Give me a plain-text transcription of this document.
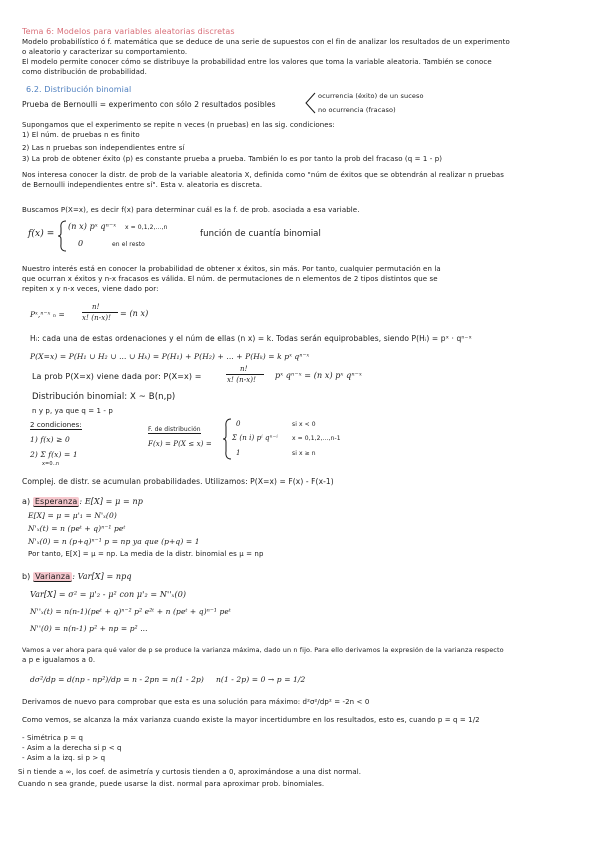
Tema 6: Modelos para variables aleatorias discretas
Modelo probabilístico ó f. matemática que se deduce de una serie de supuestos con el fin de analizar los resultados de un experimento
o aleatorio y caracterizar su comportamiento.
El modelo permite conocer cómo se distribuye la probabilidad entre los valores que toma la variable aleatoria. También se conoce
como distribución de probabilidad.
6.2. Distribución binomial
Prueba de Bernoulli = experimento con sólo 2 resultados posibles
ocurrencia (éxito) de un suceso
no ocurrencia (fracaso)
Supongamos que el experimento se repite n veces (n pruebas) en las sig. condiciones:
1) El núm. de pruebas n es finito
2) Las n pruebas son independientes entre sí
3) La prob de obtener éxito (p) es constante prueba a prueba. También lo es por tanto la prob del fracaso (q = 1 - p)
Nos interesa conocer la distr. de prob de la variable aleatoria X, definida como "núm de éxitos que se obtendrán al realizar n pruebas
de Bernoulli independientes entre sí". Esta v. aleatoria es discreta.
Buscamos P(X=x), es decir f(x) para determinar cuál es la f. de prob. asociada a esa variable.
f(x) =
(n x) pˣ qⁿ⁻ˣ x = 0,1,2,...,n
0	en el resto
función de cuantía binomial
Nuestro interés está en conocer la probabilidad de obtener x éxitos, sin más. Por tanto, cualquier permutación en la
que ocurran x éxitos y n-x fracasos es válida. El núm. de permutaciones de n elementos de 2 tipos distintos que se
repiten x y n-x veces, viene dado por:
Pˣ,ⁿ⁻ˣ ₙ =
n!
x! (n-x)! = (n x)
Hᵢ: cada una de estas ordenaciones y el núm de ellas (n x) = k. Todas serán equiprobables, siendo P(Hᵢ) = pˣ · qⁿ⁻ˣ
P(X=x) = P(H₁ ∪ H₂ ∪ ... ∪ Hₖ) = P(H₁) + P(H₂) + ... + P(Hₖ) = k pˣ qⁿ⁻ˣ
La prob P(X=x) viene dada por: P(X=x) =
n!
x! (n-x)! pˣ qⁿ⁻ˣ = (n x) pˣ qⁿ⁻ˣ
Distribución binomial: X ~ B(n,p)
n y p, ya que q = 1 - p
2 condiciones:
1) f(x) ≥ 0
2) Σ f(x) = 1
x=0..n
F. de distribución
F(x) = P(X ≤ x) =
0	si x < 0
Σ (n i) pⁱ qⁿ⁻ⁱ x = 0,1,2,...,n-1
1	si x ≥ n
Complej. de distr. se acumulan probabilidades. Utilizamos: P(X=x) = F(x) - F(x-1)
a) Esperanza : E[X] = μ = np
E[X] = μ = μ'₁ = N'ₓ(0)
N'ₓ(t) = n (peᵗ + q)ⁿ⁻¹ peᵗ
N'ₓ(0) = n (p+q)ⁿ⁻¹ p = np ya que (p+q) = 1
Por tanto, E[X] = μ = np. La media de la distr. binomial es μ = np
b) Varianza : Var[X] = npq
Var[X] = σ² = μ'₂ - μ² con μ'₂ = N''ₓ(0)
N''ₓ(t) = n(n-1)(peᵗ + q)ⁿ⁻² p² e²ᵗ + n (peᵗ + q)ⁿ⁻¹ peᵗ
N''(0) = n(n-1) p² + np = p² ...
Vamos a ver ahora para qué valor de p se produce la varianza máxima, dado un n fijo. Para ello derivamos la expresión de la varianza respecto
a p e igualamos a 0.
dσ²/dp = d(np - np²)/dp = n - 2pn = n(1 - 2p) n(1 - 2p) = 0 → p = 1/2
Derivamos de nuevo para comprobar que esta es una solución para máximo: d²σ²/dp² = -2n < 0
Como vemos, se alcanza la máx varianza cuando existe la mayor incertidumbre en los resultados, esto es, cuando p = q = 1/2
- Simétrica p = q
- Asim a la derecha si p < q
- Asim a la izq. si p > q
Si n tiende a ∞, los coef. de asimetría y curtosis tienden a 0, aproximándose a una dist normal.
Cuando n sea grande, puede usarse la dist. normal para aproximar prob. binomiales.
